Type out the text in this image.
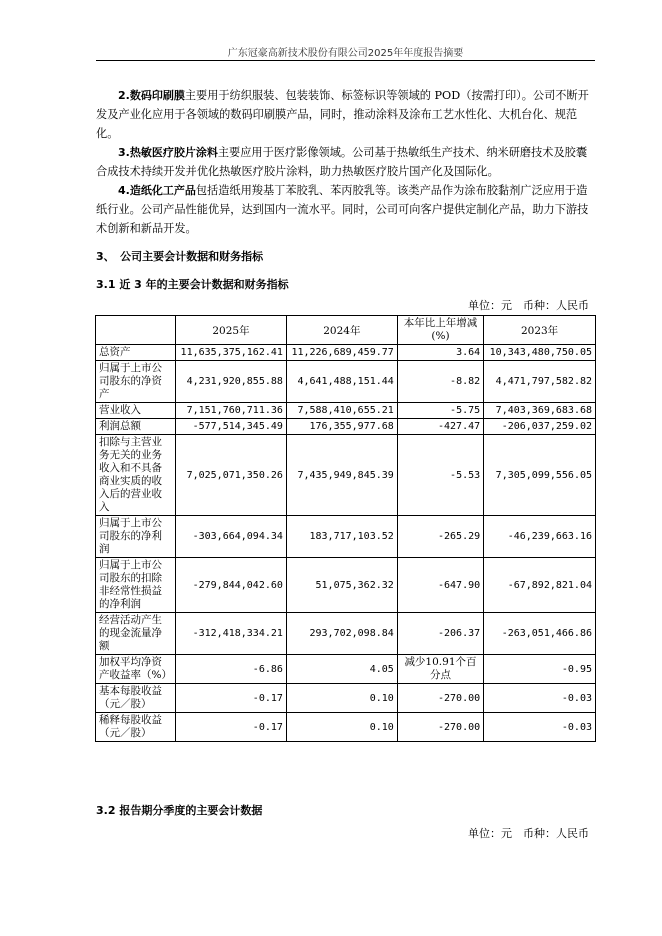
广东冠豪高新技术股份有限公司2025年年度报告摘要
2.数码印刷膜主要用于纺织服装、包装装饰、标签标识等领域的 POD（按需打印）。公司不断开发及产业化应用于各领域的数码印刷膜产品，同时，推动涂料及涂布工艺水性化、大机台化、规范化。
3.热敏医疗胶片涂料主要应用于医疗影像领域。公司基于热敏纸生产技术、纳米研磨技术及胶囊合成技术持续开发并优化热敏医疗胶片涂料，助力热敏医疗胶片国产化及国际化。
4.造纸化工产品包括造纸用羧基丁苯胶乳、苯丙胶乳等。该类产品作为涂布胶黏剂广泛应用于造纸行业。公司产品性能优异，达到国内一流水平。同时，公司可向客户提供定制化产品，助力下游技术创新和新品开发。
3、　公司主要会计数据和财务指标
3.1 近 3 年的主要会计数据和财务指标
单位：元　币种：人民币
	2025年	2024年	本年比上年增减(%)	2023年
总资产	11,635,375,162.41	11,226,689,459.77	3.64	10,343,480,750.05
归属于上市公司股东的净资产	4,231,920,855.88	4,641,488,151.44	-8.82	4,471,797,582.82
营业收入	7,151,760,711.36	7,588,410,655.21	-5.75	7,403,369,683.68
利润总额	-577,514,345.49	176,355,977.68	-427.47	-206,037,259.02
扣除与主营业务无关的业务收入和不具备商业实质的收入后的营业收入	7,025,071,350.26	7,435,949,845.39	-5.53	7,305,099,556.05
归属于上市公司股东的净利润	-303,664,094.34	183,717,103.52	-265.29	-46,239,663.16
归属于上市公司股东的扣除非经常性损益的净利润	-279,844,042.60	51,075,362.32	-647.90	-67,892,821.04
经营活动产生的现金流量净额	-312,418,334.21	293,702,098.84	-206.37	-263,051,466.86
加权平均净资产收益率（%）	-6.86	4.05	减少10.91个百分点	-0.95
基本每股收益（元／股）	-0.17	0.10	-270.00	-0.03
稀释每股收益（元／股）	-0.17	0.10	-270.00	-0.03
3.2 报告期分季度的主要会计数据
单位：元　币种：人民币
